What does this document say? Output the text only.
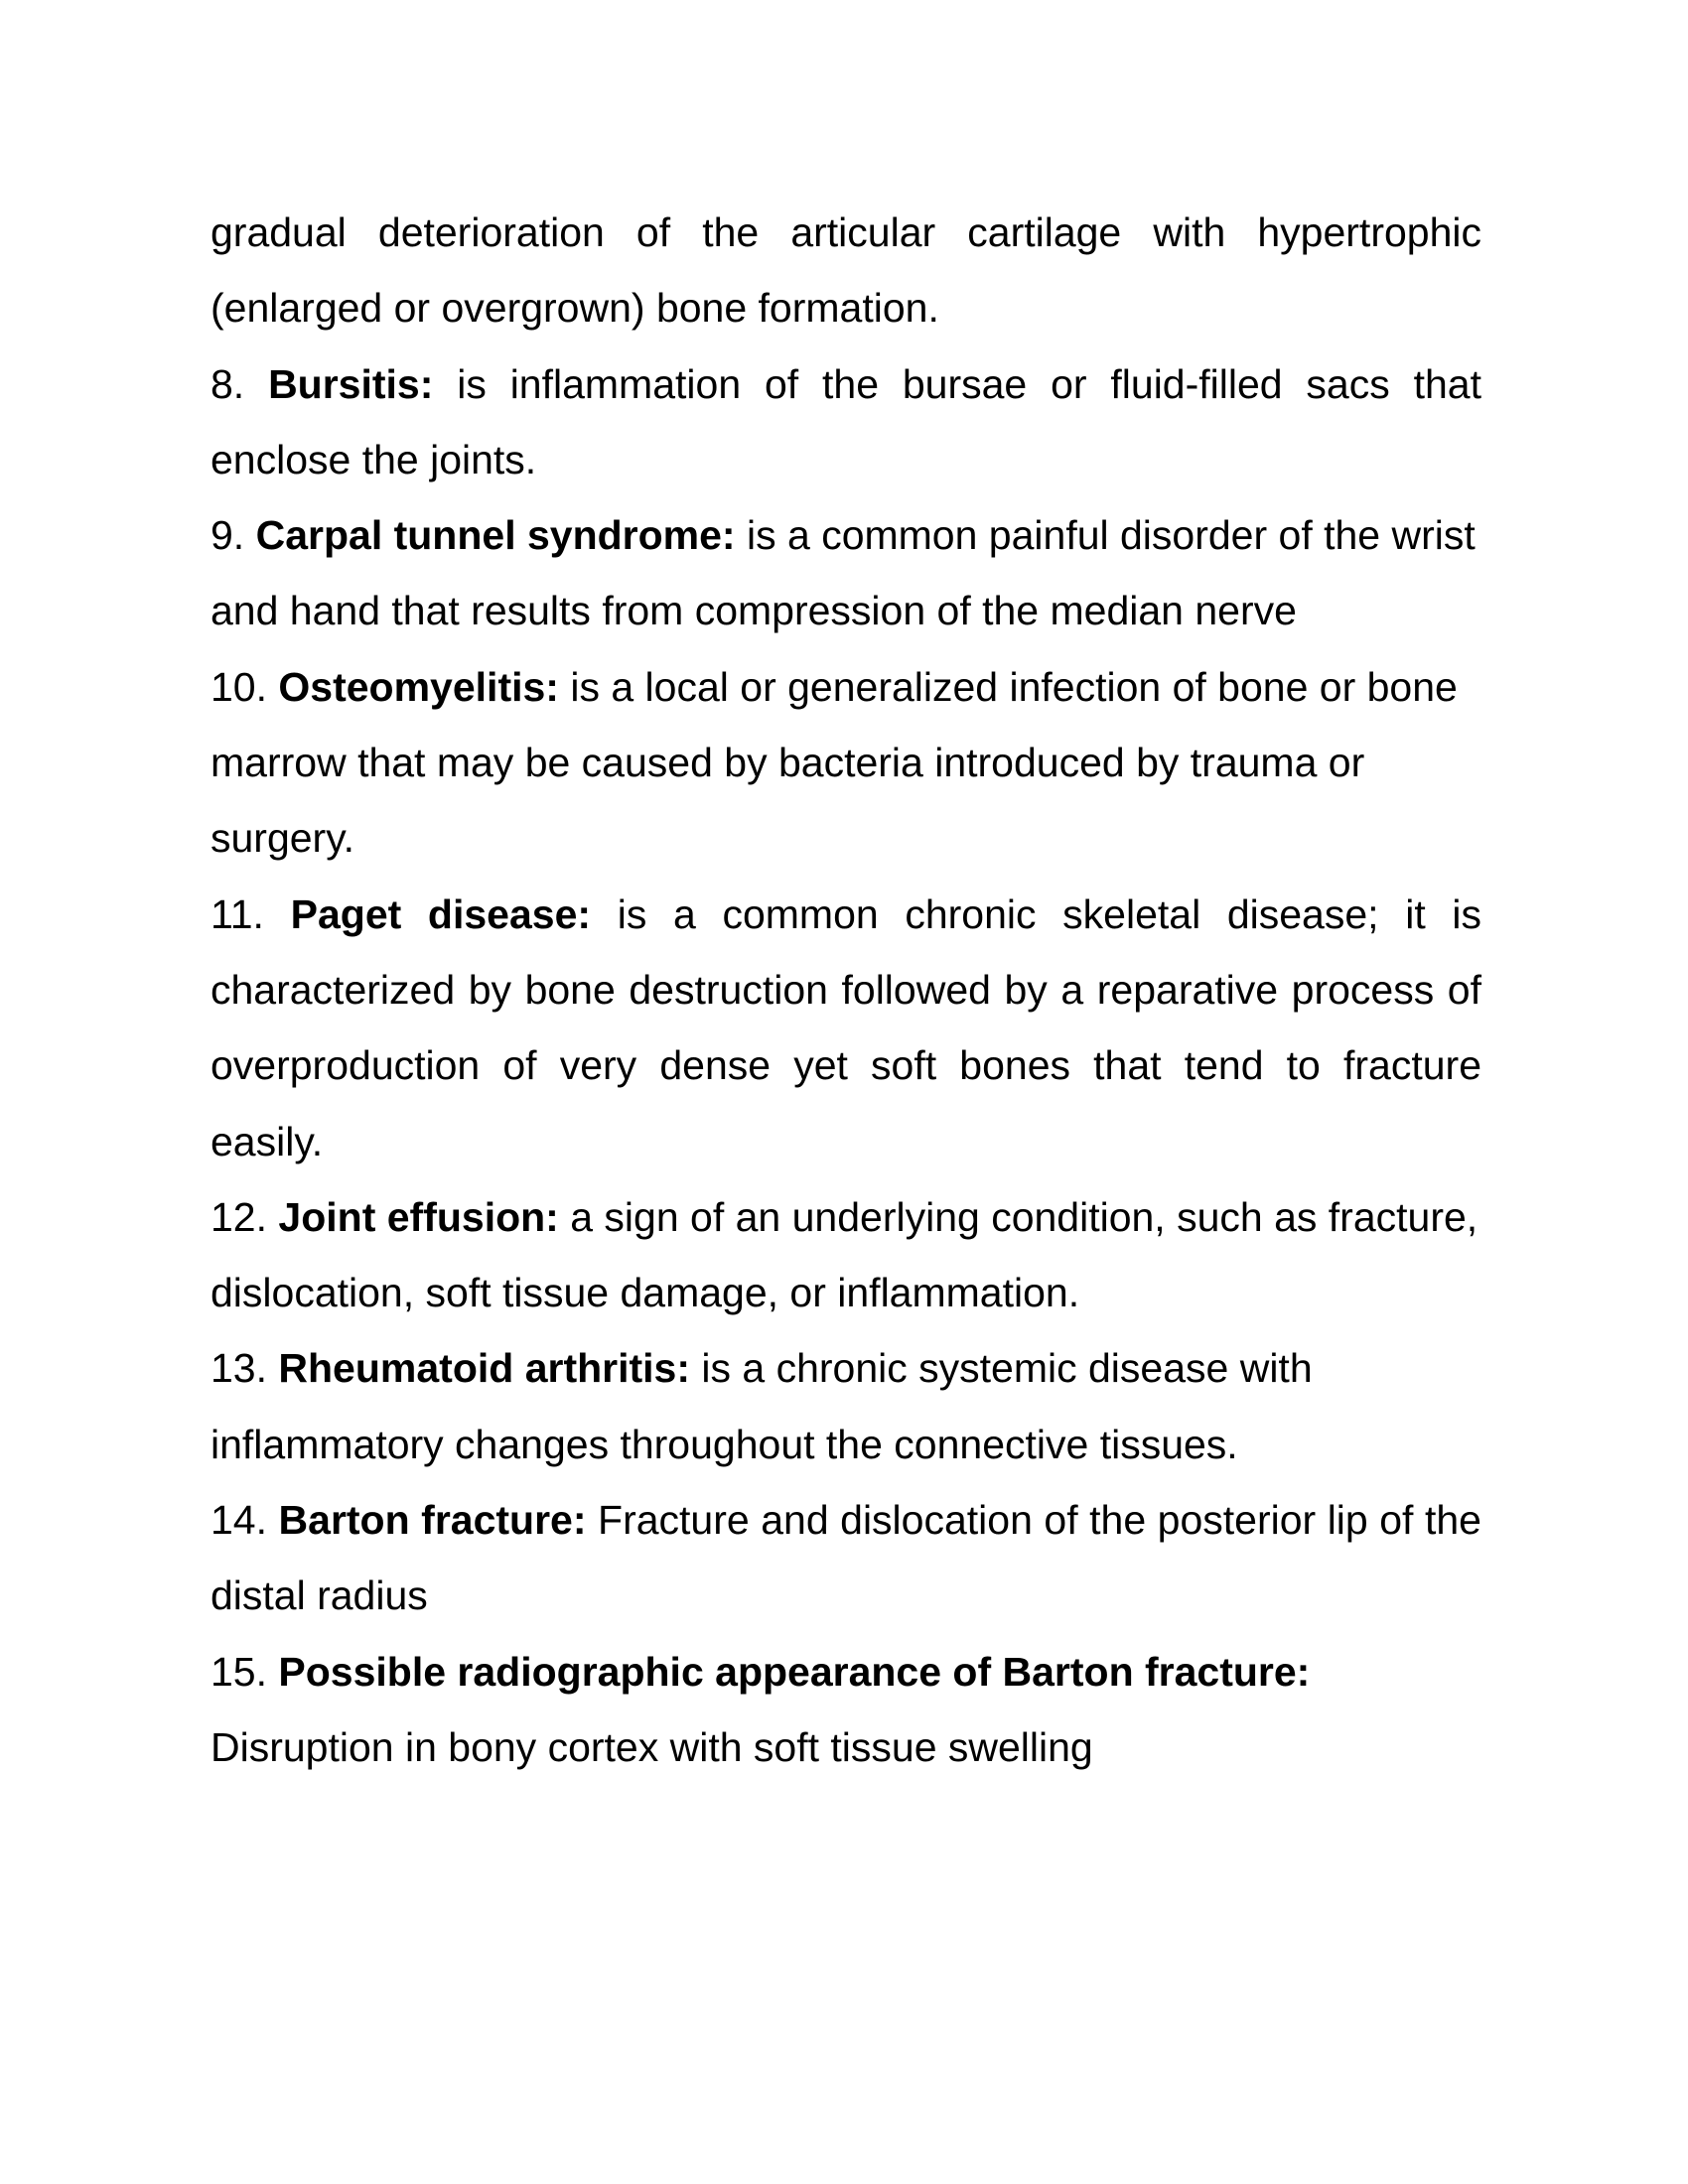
gradual deterioration of the articular cartilage with hypertrophic (enlarged or overgrown) bone formation.

8. Bursitis: is inflammation of the bursae or fluid-filled sacs that enclose the joints.

9. Carpal tunnel syndrome: is a common painful disorder of the wrist and hand that results from compression of the median nerve

10. Osteomyelitis: is a local or generalized infection of bone or bone marrow that may be caused by bacteria introduced by trauma or surgery.

11. Paget disease: is a common chronic skeletal disease; it is characterized by bone destruction followed by a reparative process of overproduction of very dense yet soft bones that tend to fracture easily.

12. Joint effusion: a sign of an underlying condition, such as fracture, dislocation, soft tissue damage, or inflammation.

13. Rheumatoid arthritis: is a chronic systemic disease with inflammatory changes throughout the connective tissues.

14. Barton fracture: Fracture and dislocation of the posterior lip of the distal radius

15. Possible radiographic appearance of Barton fracture:
Disruption in bony cortex with soft tissue swelling
